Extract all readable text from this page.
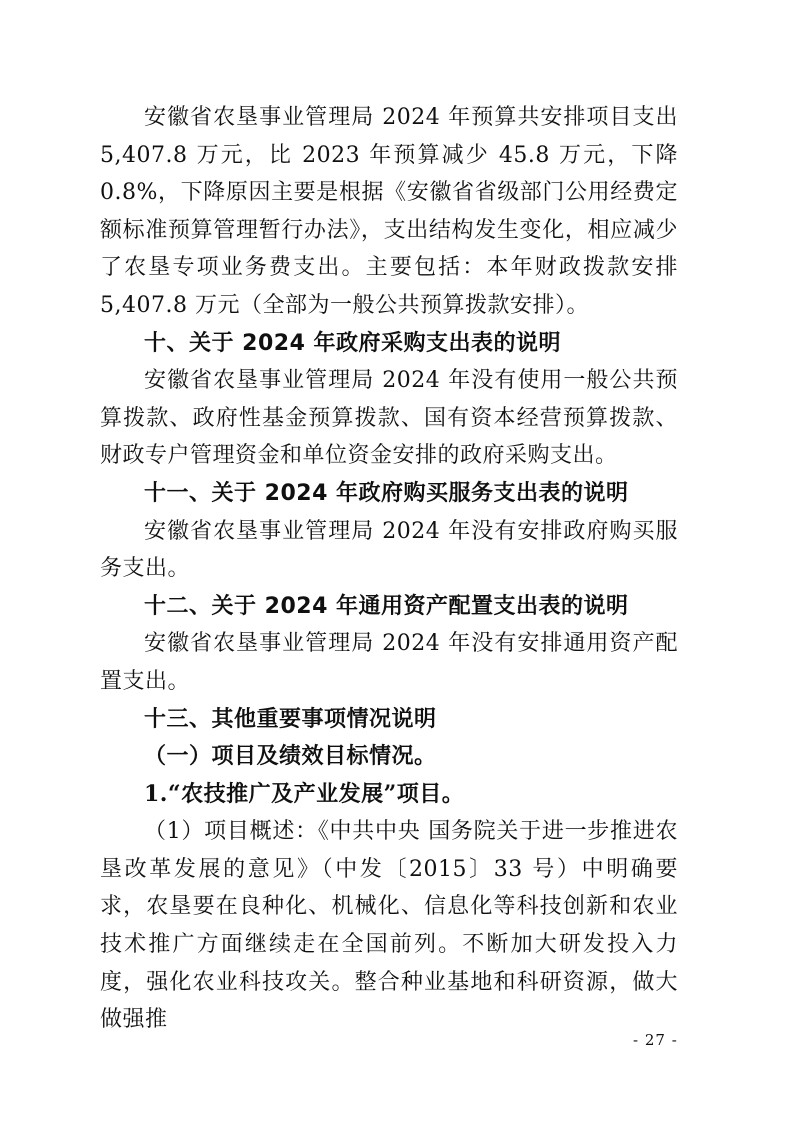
安徽省农垦事业管理局 2024 年预算共安排项目支出 5,407.8 万元，比 2023 年预算减少 45.8 万元，下降 0.8%，下降原因主要是根据《安徽省省级部门公用经费定额标准预算管理暂行办法》，支出结构发生变化，相应减少了农垦专项业务费支出。主要包括：本年财政拨款安排 5,407.8 万元（全部为一般公共预算拨款安排）。

十、关于 2024 年政府采购支出表的说明

安徽省农垦事业管理局 2024 年没有使用一般公共预算拨款、政府性基金预算拨款、国有资本经营预算拨款、财政专户管理资金和单位资金安排的政府采购支出。

十一、关于 2024 年政府购买服务支出表的说明

安徽省农垦事业管理局 2024 年没有安排政府购买服务支出。

十二、关于 2024 年通用资产配置支出表的说明

安徽省农垦事业管理局 2024 年没有安排通用资产配置支出。

十三、其他重要事项情况说明

（一）项目及绩效目标情况。

1.“农技推广及产业发展”项目。

（1）项目概述：《中共中央 国务院关于进一步推进农垦改革发展的意见》（中发〔2015〕33 号）中明确要求，农垦要在良种化、机械化、信息化等科技创新和农业技术推广方面继续走在全国前列。不断加大研发投入力度，强化农业科技攻关。整合种业基地和科研资源，做大做强推

- 27 -
